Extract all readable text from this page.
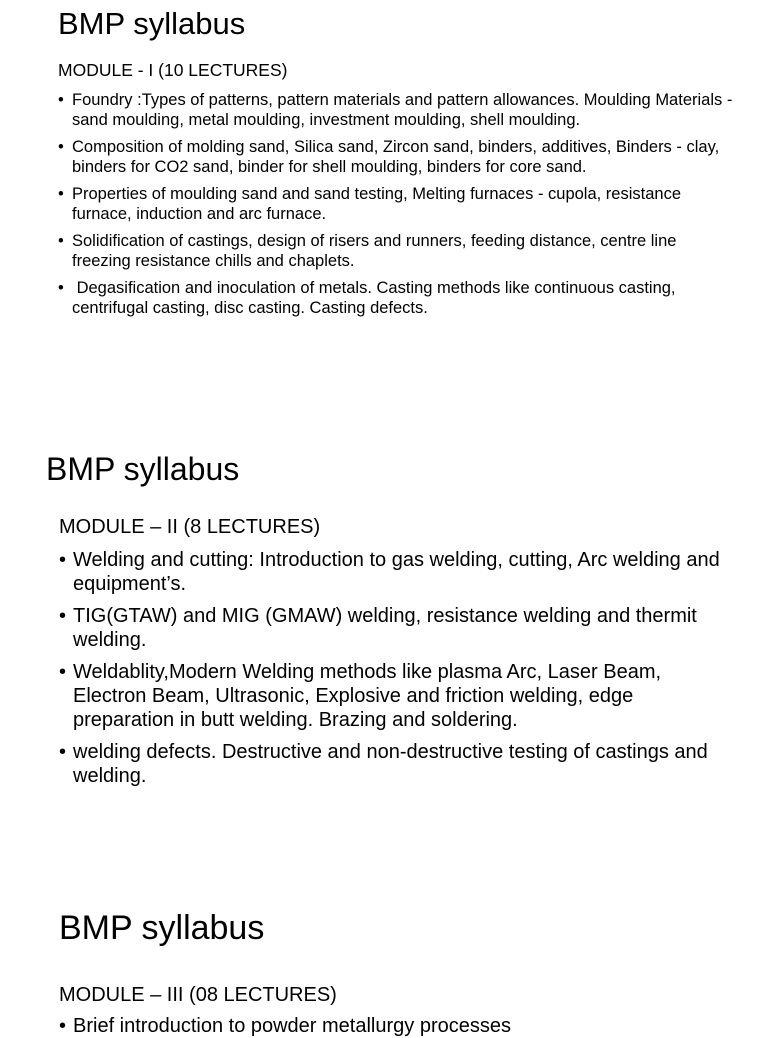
BMP syllabus
MODULE - I (10 LECTURES)
• Foundry :Types of patterns, pattern materials and pattern allowances. Moulding Materials -sand moulding, metal moulding, investment moulding, shell moulding.
• Composition of molding sand, Silica sand, Zircon sand, binders, additives, Binders - clay, binders for CO2 sand, binder for shell moulding, binders for core sand.
• Properties of moulding sand and sand testing, Melting furnaces - cupola, resistance furnace, induction and arc furnace.
• Solidification of castings, design of risers and runners, feeding distance, centre line freezing resistance chills and chaplets.
•  Degasification and inoculation of metals. Casting methods like continuous casting, centrifugal casting, disc casting. Casting defects.
BMP syllabus
MODULE – II (8 LECTURES)
• Welding and cutting: Introduction to gas welding, cutting, Arc welding and equipment’s.
• TIG(GTAW) and MIG (GMAW) welding, resistance welding and thermit welding.
• Weldablity,Modern Welding methods like plasma Arc, Laser Beam, Electron Beam, Ultrasonic, Explosive and friction welding, edge preparation in butt welding. Brazing and soldering.
• welding defects. Destructive and non-destructive testing of castings and welding.
BMP syllabus
MODULE – III (08 LECTURES)
• Brief introduction to powder metallurgy processes
